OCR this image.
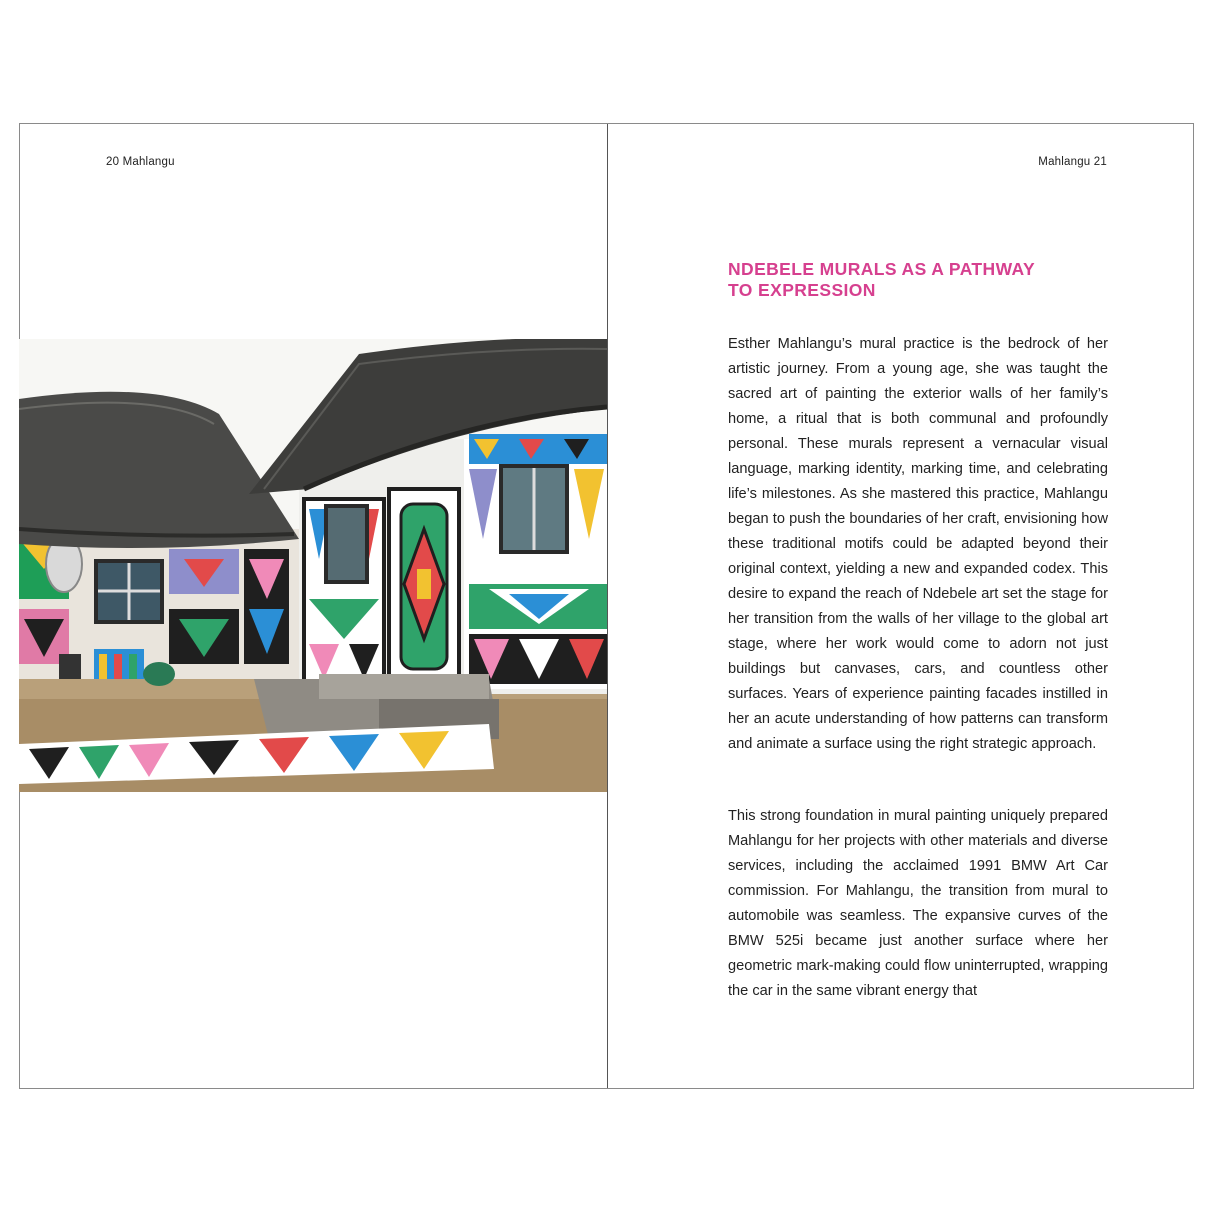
20 Mahlangu	Mahlangu 21
NDEBELE MURALS AS A PATHWAY
TO EXPRESSION

Esther Mahlangu’s mural practice is the bedrock of her artistic journey. From a young age, she was taught the sacred art of painting the exterior walls of her family’s home, a ritual that is both communal and profoundly personal. These murals represent a vernacular visual language, marking identity, marking time, and celebrating life’s milestones. As she mastered this practice, Mahlangu began to push the boundaries of her craft, envisioning how these traditional motifs could be adapted beyond their original context, yielding a new and expanded codex. This desire to expand the reach of Ndebele art set the stage for her transition from the walls of her village to the global art stage, where her work would come to adorn not just buildings but canvases, cars, and countless other surfaces. Years of experience painting facades instilled in her an acute understanding of how patterns can transform and animate a surface using the right strategic approach.

This strong foundation in mural painting uniquely prepared Mahlangu for her projects with other materials and diverse services, including the acclaimed 1991 BMW Art Car commission. For Mahlangu, the transition from mural to automobile was seamless. The expansive curves of the BMW 525i became just another surface where her geometric mark-making could flow uninterrupted, wrapping the car in the same vibrant energy that
